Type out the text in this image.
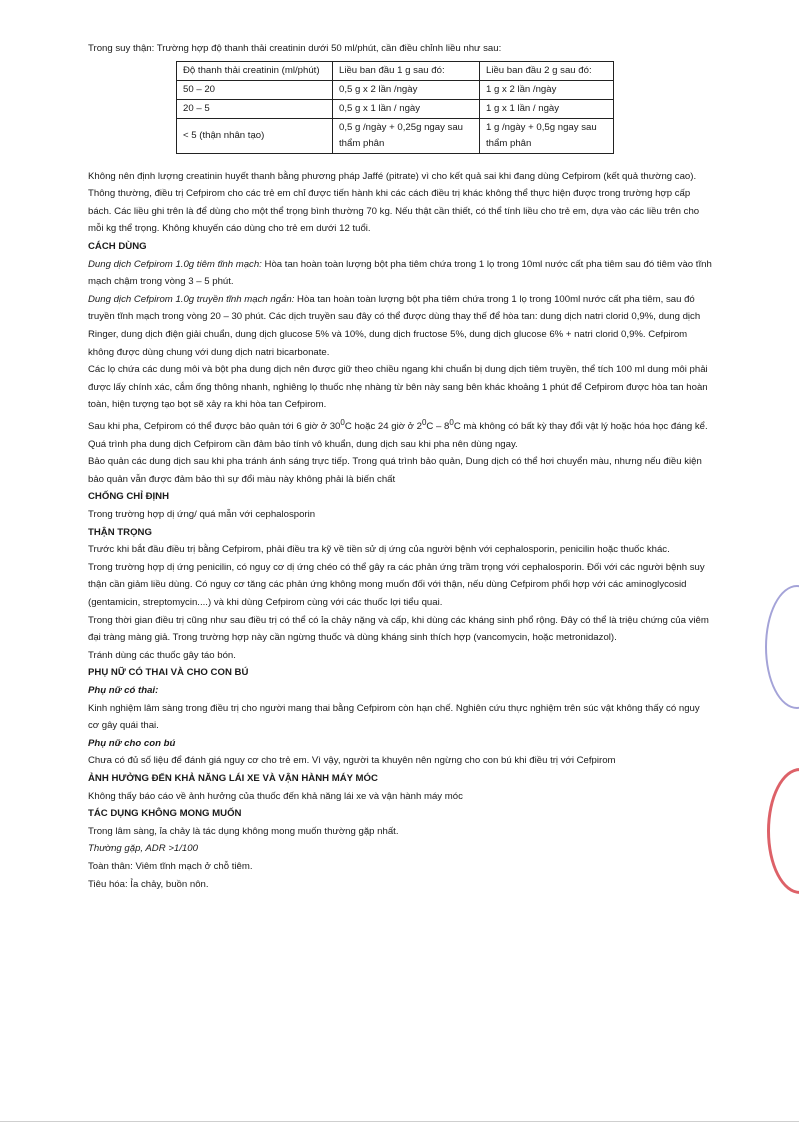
Trong suy thận: Trường hợp độ thanh thải creatinin dưới 50 ml/phút, cần điều chỉnh liều như sau:

Độ thanh thải creatinin (ml/phút)	Liều ban đầu 1 g sau đó:	Liều ban đầu 2 g sau đó:
50 – 20	0,5 g x 2 lần /ngày	1 g x 2 lần /ngày
20 – 5	0,5 g x 1 lần / ngày	1 g x 1 lần / ngày
< 5 (thận nhân tạo)	0,5 g /ngày + 0,25g ngay sau thẩm phân	1 g /ngày + 0,5g ngay sau thẩm phân

Không nên định lượng creatinin huyết thanh bằng phương pháp Jaffé (pitrate) vì cho kết quả sai khi đang dùng Cefpirom (kết quả thường cao).

Thông thường, điều trị Cefpirom cho các trẻ em chỉ được tiến hành khi các cách điều trị khác không thể thực hiện được trong trường hợp cấp bách. Các liều ghi trên là để dùng cho một thể trọng bình thường 70 kg. Nếu thật cần thiết, có thể tính liều cho trẻ em, dựa vào các liều trên cho mỗi kg thể trọng. Không khuyến cáo dùng cho trẻ em dưới 12 tuổi.

CÁCH DÙNG

Dung dịch Cefpirom 1.0g tiêm tĩnh mạch: Hòa tan hoàn toàn lượng bột pha tiêm chứa trong 1 lọ trong 10ml nước cất pha tiêm sau đó tiêm vào tĩnh mạch chậm trong vòng 3 – 5 phút.

Dung dịch Cefpirom 1.0g truyền tĩnh mạch ngắn: Hòa tan hoàn toàn lượng bột pha tiêm chứa trong 1 lọ trong 100ml nước cất pha tiêm, sau đó truyền tĩnh mạch trong vòng 20 – 30 phút. Các dịch truyền sau đây có thể được dùng thay thế để hòa tan: dung dịch natri clorid 0,9%, dung dịch Ringer, dung dịch điện giải chuẩn, dung dịch glucose 5% và 10%, dung dịch fructose 5%, dung dịch glucose 6% + natri clorid 0,9%. Cefpirom không được dùng chung với dung dịch natri bicarbonate.

Các lọ chứa các dung môi và bột pha dung dịch nên được giữ theo chiều ngang khi chuẩn bị dung dịch tiêm truyền, thể tích 100 ml dung môi phải được lấy chính xác, cắm ống thông nhanh, nghiêng lọ thuốc nhẹ nhàng từ bên này sang bên khác khoảng 1 phút để Cefpirom được hòa tan hoàn toàn, hiện tượng tạo bọt sẽ xảy ra khi hòa tan Cefpirom.

Sau khi pha, Cefpirom có thể được bảo quản tới 6 giờ ở $30^0C$ hoặc 24 giờ ở $2^0C - 8^0C$ mà không có bất kỳ thay đổi vật lý hoặc hóa học đáng kể. Quá trình pha dung dịch Cefpirom cần đảm bảo tính vô khuẩn, dung dịch sau khi pha nên dùng ngay.

Bảo quản các dung dịch sau khi pha tránh ánh sáng trực tiếp. Trong quá trình bảo quản, Dung dịch có thể hơi chuyển màu, nhưng nếu điều kiện bảo quản vẫn được đảm bảo thì sự đổi màu này không phải là biến chất

CHỐNG CHỈ ĐỊNH

Trong trường hợp dị ứng/ quá mẫn với cephalosporin

THẬN TRỌNG

Trước khi bắt đầu điều trị bằng Cefpirom, phải điều tra kỹ về tiền sử dị ứng của người bệnh với cephalosporin, penicilin hoặc thuốc khác.

Trong trường hợp dị ứng penicilin, có nguy cơ dị ứng chéo có thể gây ra các phản ứng trầm trọng với cephalosporin. Đối với các người bệnh suy thận cần giảm liều dùng. Có nguy cơ tăng các phản ứng không mong muốn đối với thận, nếu dùng Cefpirom phối hợp với các aminoglycosid (gentamicin, streptomycin....) và khi dùng Cefpirom cùng với các thuốc lợi tiểu quai.

Trong thời gian điều trị cũng như sau điều trị có thể có ỉa chảy nặng và cấp, khi dùng các kháng sinh phổ rộng. Đây có thể là triệu chứng của viêm đại tràng màng giả. Trong trường hợp này cần ngừng thuốc và dùng kháng sinh thích hợp (vancomycin, hoặc metronidazol).

Tránh dùng các thuốc gây táo bón.

PHỤ NỮ CÓ THAI VÀ CHO CON BÚ

Phụ nữ có thai:

Kinh nghiệm lâm sàng trong điều trị cho người mang thai bằng Cefpirom còn hạn chế. Nghiên cứu thực nghiệm trên súc vật không thấy có nguy cơ gây quái thai.

Phụ nữ cho con bú

Chưa có đủ số liệu để đánh giá nguy cơ cho trẻ em. Vì vậy, người ta khuyên nên ngừng cho con bú khi điều trị với Cefpirom

ẢNH HƯỞNG ĐẾN KHẢ NĂNG LÁI XE VÀ VẬN HÀNH MÁY MÓC

Không thấy báo cáo về ảnh hưởng của thuốc đến khả năng lái xe và vận hành máy móc

TÁC DỤNG KHÔNG MONG MUỐN

Trong lâm sàng, ỉa chảy là tác dụng không mong muốn thường gặp nhất.

Thường gặp, ADR >1/100

Toàn thân: Viêm tĩnh mạch ở chỗ tiêm.

Tiêu hóa: Ỉa chảy, buồn nôn.
